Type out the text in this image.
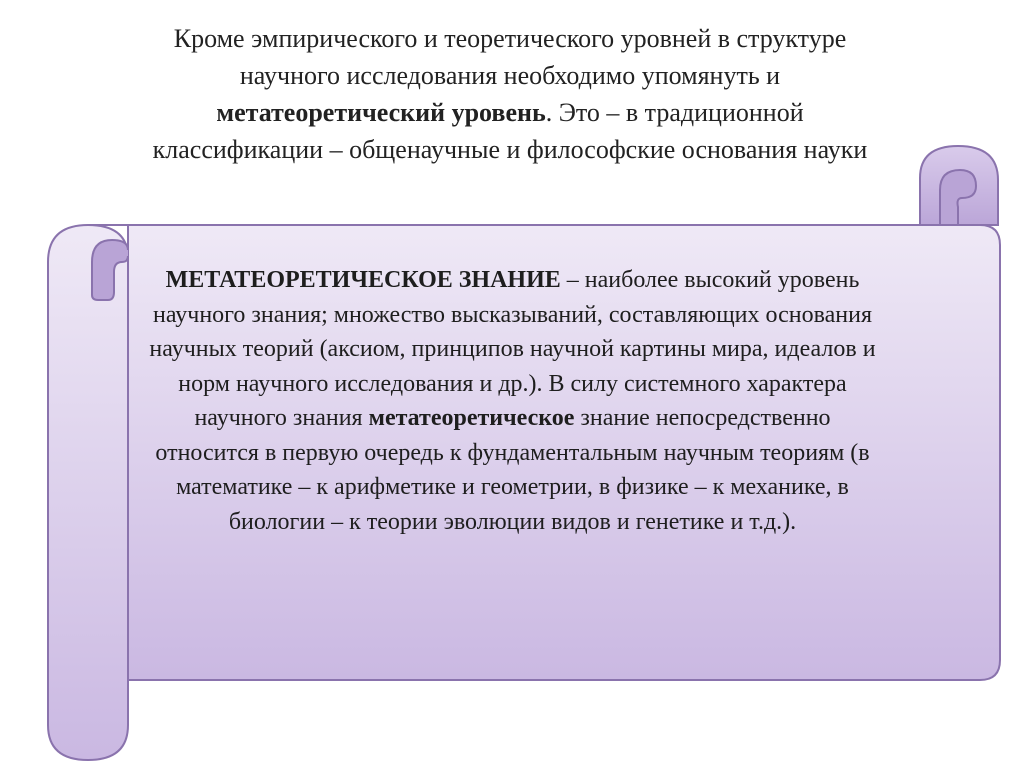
Кроме эмпирического и теоретического уровней в структуре
научного исследования необходимо упомянуть и
метатеоретический уровень. Это – в традиционной
классификации – общенаучные и философские основания науки
МЕТАТЕОРЕТИЧЕСКОЕ ЗНАНИЕ – наиболее высокий уровень научного знания; множество высказываний, составляющих основания научных теорий (аксиом, принципов научной картины мира, идеалов и норм научного исследования и др.). В силу системного характера научного знания метатеоретическое знание непосредственно относится в первую очередь к фундаментальным научным теориям (в математике – к арифметике и геометрии, в физике – к механике, в биологии – к теории эволюции видов и генетике и т.д.).
